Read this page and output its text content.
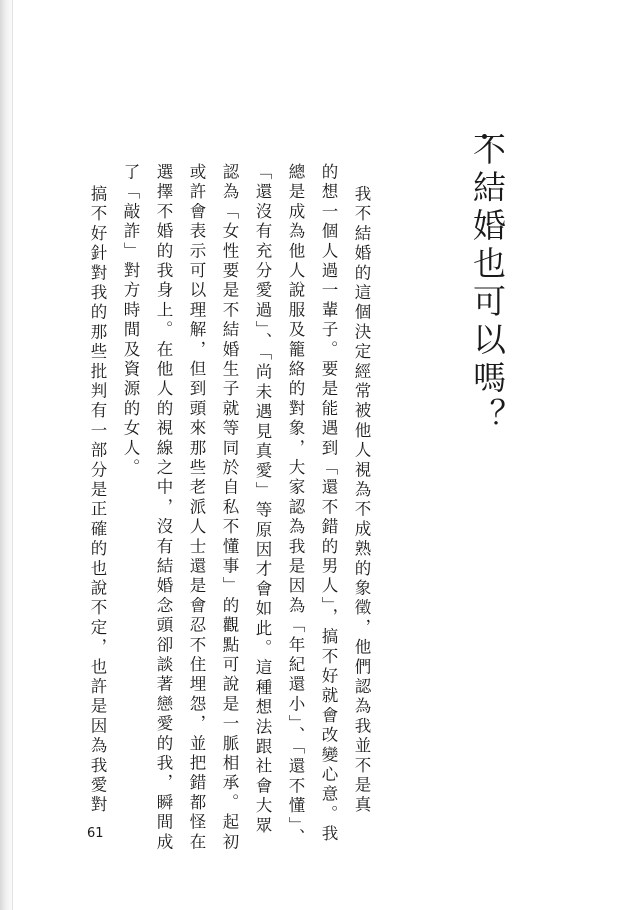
不結婚也可以嗎？
我不結婚的這個決定經常被他人視為不成熟的象徵，他們認為我並不是真
的想一個人過一輩子。要是能遇到「還不錯的男人」，搞不好就會改變心意。我
總是成為他人說服及籠絡的對象，大家認為我是因為「年紀還小」、「還不懂」、
「還沒有充分愛過」、「尚未遇見真愛」等原因才會如此。這種想法跟社會大眾
認為「女性要是不結婚生子就等同於自私不懂事」的觀點可說是一脈相承。起初
或許會表示可以理解，但到頭來那些老派人士還是會忍不住埋怨，並把錯都怪在
選擇不婚的我身上。在他人的視線之中，沒有結婚念頭卻談著戀愛的我，瞬間成
了「敲詐」對方時間及資源的女人。
搞不好針對我的那些批判有一部分是正確的也說不定，也許是因為我愛對
61
